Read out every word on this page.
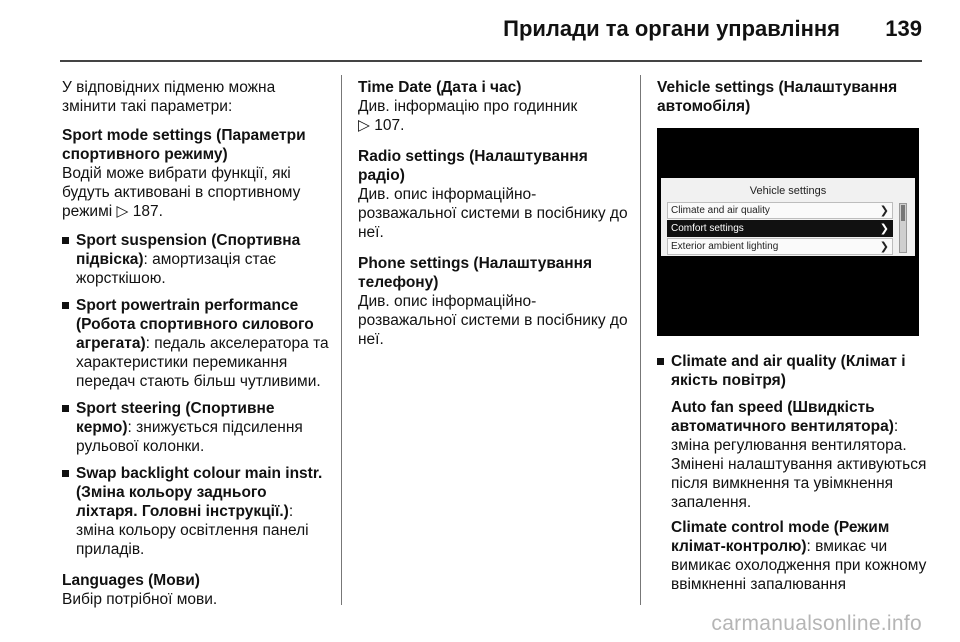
Прилади та органи управління 139

У відповідних підменю можна змінити такі параметри:

Sport mode settings (Параметри спортивного режиму)

Водій може вибрати функції, які будуть активовані в спортивному режимі ▷ 187.

Sport suspension (Спортивна підвіска): амортизація стає жорсткішою.
Sport powertrain performance (Робота спортивного силового агрегата): педаль акселератора та характеристики перемикання передач стають більш чутливими.
Sport steering (Спортивне кермо): знижується підсилення рульової колонки.
Swap backlight colour main instr. (Зміна кольору заднього ліхтаря. Головні інструкції.): зміна кольору освітлення панелі приладів.

Languages (Мови)

Вибір потрібної мови.

Time Date (Дата і час)

Див. інформацію про годинник
▷ 107.

Radio settings (Налаштування радіо)

Див. опис інформаційно-розважальної системи в посібнику до неї.

Phone settings (Налаштування телефону)

Див. опис інформаційно-розважальної системи в посібнику до неї.

Vehicle settings (Налаштування автомобіля)

Vehicle settings
Climate and air quality	❯
Comfort settings	❯
Exterior ambient lighting	❯
Climate and air quality (Клімат і якість повітря)

Auto fan speed (Швидкість автоматичного вентилятора): зміна регулювання вентилятора. Змінені налаштування активуються після вимкнення та увімкнення запалення.

Climate control mode (Режим клімат-контролю): вмикає чи вимикає охолодження при кожному ввімкненні запалювання

carmanualsonline.info
